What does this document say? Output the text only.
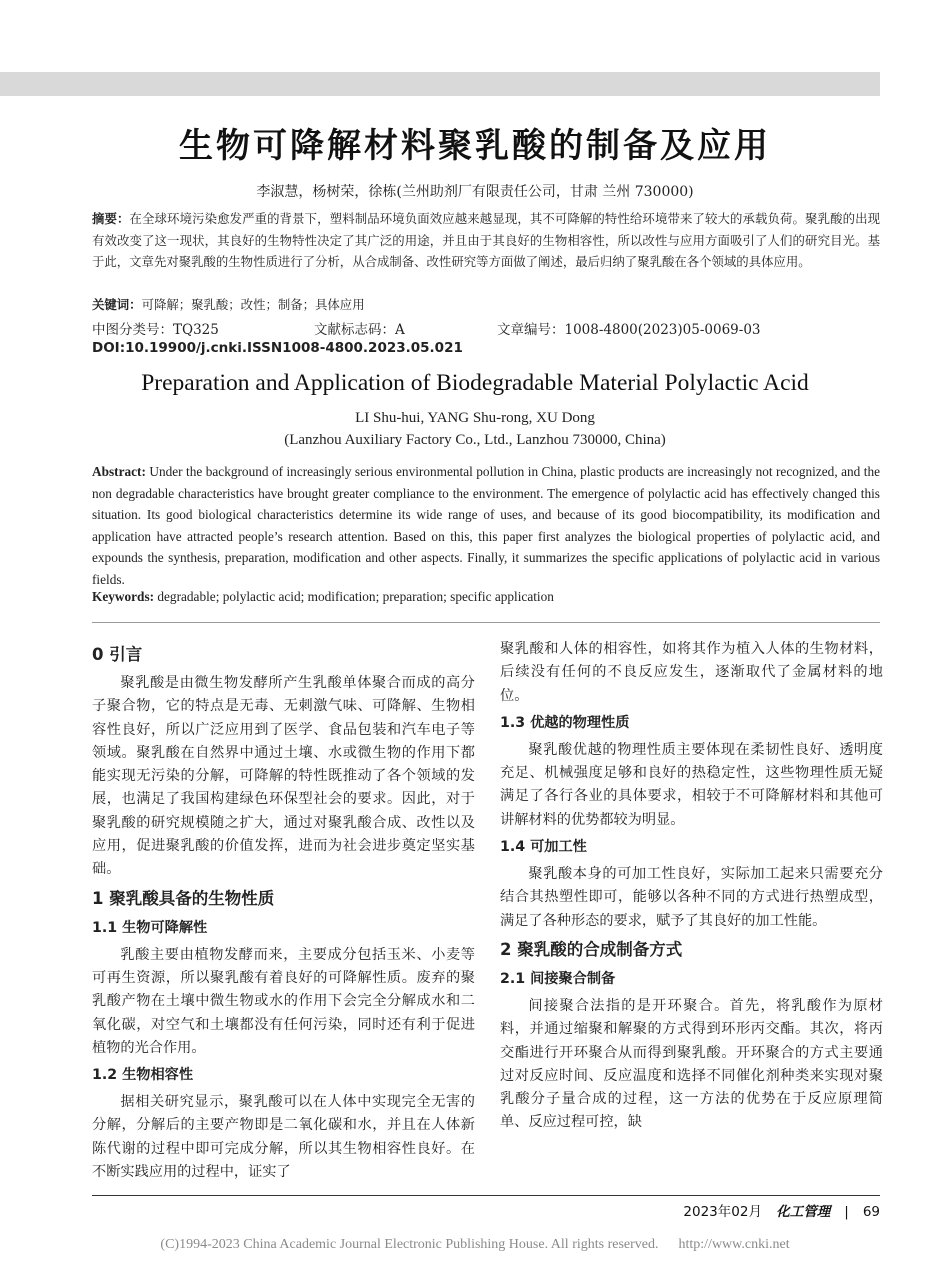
生物可降解材料聚乳酸的制备及应用
李淑慧，杨树荣，徐栋(兰州助剂厂有限责任公司，甘肃 兰州 730000)
摘要：在全球环境污染愈发严重的背景下，塑料制品环境负面效应越来越显现，其不可降解的特性给环境带来了较大的承载负荷。聚乳酸的出现有效改变了这一现状，其良好的生物特性决定了其广泛的用途，并且由于其良好的生物相容性，所以改性与应用方面吸引了人们的研究目光。基于此，文章先对聚乳酸的生物性质进行了分析，从合成制备、改性研究等方面做了阐述，最后归纳了聚乳酸在各个领域的具体应用。
关键词：可降解；聚乳酸；改性；制备；具体应用
中图分类号：TQ325	文献标志码：A	文章编号：1008-4800(2023)05-0069-03
DOI:10.19900/j.cnki.ISSN1008-4800.2023.05.021
Preparation and Application of Biodegradable Material Polylactic Acid
LI Shu-hui, YANG Shu-rong, XU Dong
(Lanzhou Auxiliary Factory Co., Ltd., Lanzhou 730000, China)
Abstract: Under the background of increasingly serious environmental pollution in China, plastic products are increasingly not recognized, and the non degradable characteristics have brought greater compliance to the environment. The emergence of polylactic acid has effectively changed this situation. Its good biological characteristics determine its wide range of uses, and because of its good biocompatibility, its modification and application have attracted people’s research attention. Based on this, this paper first analyzes the biological properties of polylactic acid, and expounds the synthesis, preparation, modification and other aspects. Finally, it summarizes the specific applications of polylactic acid in various fields.
Keywords: degradable; polylactic acid; modification; preparation; specific application
0 引言

聚乳酸是由微生物发酵所产生乳酸单体聚合而成的高分子聚合物，它的特点是无毒、无刺激气味、可降解、生物相容性良好，所以广泛应用到了医学、食品包装和汽车电子等领域。聚乳酸在自然界中通过土壤、水或微生物的作用下都能实现无污染的分解，可降解的特性既推动了各个领域的发展，也满足了我国构建绿色环保型社会的要求。因此，对于聚乳酸的研究规模随之扩大，通过对聚乳酸合成、改性以及应用，促进聚乳酸的价值发挥，进而为社会进步奠定坚实基础。

1 聚乳酸具备的生物性质
1.1 生物可降解性

乳酸主要由植物发酵而来，主要成分包括玉米、小麦等可再生资源，所以聚乳酸有着良好的可降解性质。废弃的聚乳酸产物在土壤中微生物或水的作用下会完全分解成水和二氧化碳，对空气和土壤都没有任何污染，同时还有利于促进植物的光合作用。

1.2 生物相容性

据相关研究显示，聚乳酸可以在人体中实现完全无害的分解，分解后的主要产物即是二氧化碳和水，并且在人体新陈代谢的过程中即可完成分解，所以其生物相容性良好。在不断实践应用的过程中，证实了

聚乳酸和人体的相容性，如将其作为植入人体的生物材料，后续没有任何的不良反应发生，逐渐取代了金属材料的地位。

1.3 优越的物理性质

聚乳酸优越的物理性质主要体现在柔韧性良好、透明度充足、机械强度足够和良好的热稳定性，这些物理性质无疑满足了各行各业的具体要求，相较于不可降解材料和其他可讲解材料的优势都较为明显。

1.4 可加工性

聚乳酸本身的可加工性良好，实际加工起来只需要充分结合其热塑性即可，能够以各种不同的方式进行热塑成型，满足了各种形态的要求，赋予了其良好的加工性能。

2 聚乳酸的合成制备方式
2.1 间接聚合制备

间接聚合法指的是开环聚合。首先，将乳酸作为原材料，并通过缩聚和解聚的方式得到环形丙交酯。其次，将丙交酯进行开环聚合从而得到聚乳酸。开环聚合的方式主要通过对反应时间、反应温度和选择不同催化剂种类来实现对聚乳酸分子量合成的过程，这一方法的优势在于反应原理简单、反应过程可控，缺

2023年02月 化工管理 | 69
(C)1994-2023 China Academic Journal Electronic Publishing House. All rights reserved. http://www.cnki.net
